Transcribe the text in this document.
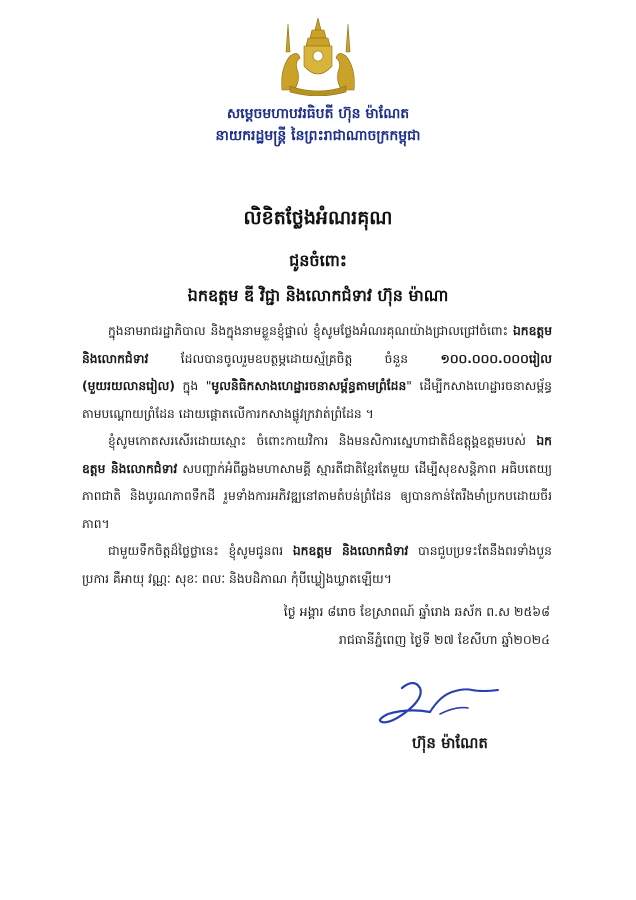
សម្ដេចមហាបវរធិបតី ហ៊ុន ម៉ាណែត
នាយករដ្ឋមន្ត្រី នៃព្រះរាជាណាចក្រកម្ពុជា
លិខិតថ្លែងអំណរគុណ
ជូនចំពោះ
ឯកឧត្តម ឌី វិជ្ជា និងលោកជំទាវ ហ៊ុន ម៉ាណា

ក្នុងនាមរាជរដ្ឋាភិបាល និងក្នុងនាមខ្លួនខ្ញុំផ្ទាល់ ខ្ញុំសូមថ្លែងអំណរគុណយ៉ាងជ្រាលជ្រៅចំពោះ ឯកឧត្តម និងលោកជំទាវ ដែលបានចូលរួមឧបត្ថម្ភដោយស្ម័គ្រចិត្ត ចំនួន ១០០.០០០.០០០រៀល (មួយរយលានរៀល) ក្នុង "មូលនិធិកសាងហេដ្ឋារចនាសម្ព័ន្ធតាមព្រំដែន" ដើម្បីកសាងហេដ្ឋារចនាសម្ព័ន្ធតាមបណ្ដោយព្រំដែន ដោយផ្ដោតលើការកសាងផ្លូវក្រវាត់ព្រំដែន ។

ខ្ញុំសូមកោតសរសើរដោយស្មោះ ចំពោះកាយវិការ និងមនសិការស្នេហាជាតិដ៏ឧត្ដុង្គឧត្ដមរបស់ ឯកឧត្តម និងលោកជំទាវ សបញ្ជាក់អំពីឆ្លងមហាសាមគ្គី ស្មារតីជាតិខ្មែរតែមួយ ដើម្បីសុខសន្តិភាព អធិបតេយ្យភាពជាតិ និងបូរណភាពទឹកដី រួមទាំងការអភិវឌ្ឍនៅតាមតំបន់ព្រំដែន ឲ្យបានកាន់តែរឹងមាំប្រកបដោយចីរភាព។

ជាមួយទឹកចិត្តដ៏ថ្លៃថ្លានេះ ខ្ញុំសូមជូនពរ ឯកឧត្តម និងលោកជំទាវ បានជួបប្រទះតែនឹងពរទាំងបួនប្រការ គឺអាយុ វណ្ណៈ សុខៈ ពលៈ និងបដិភាណ កុំបីឃ្លៀងឃ្លាតឡើយ។

ថ្ងៃ អង្គារ ៨រោច ខែស្រាពណ៍ ឆ្នាំរោង ឆស័ក ព.ស ២៥៦៨
រាជធានីភ្នំពេញ ថ្ងៃទី ២៧ ខែសីហា ឆ្នាំ២០២៤
ហ៊ុន ម៉ាណែត
